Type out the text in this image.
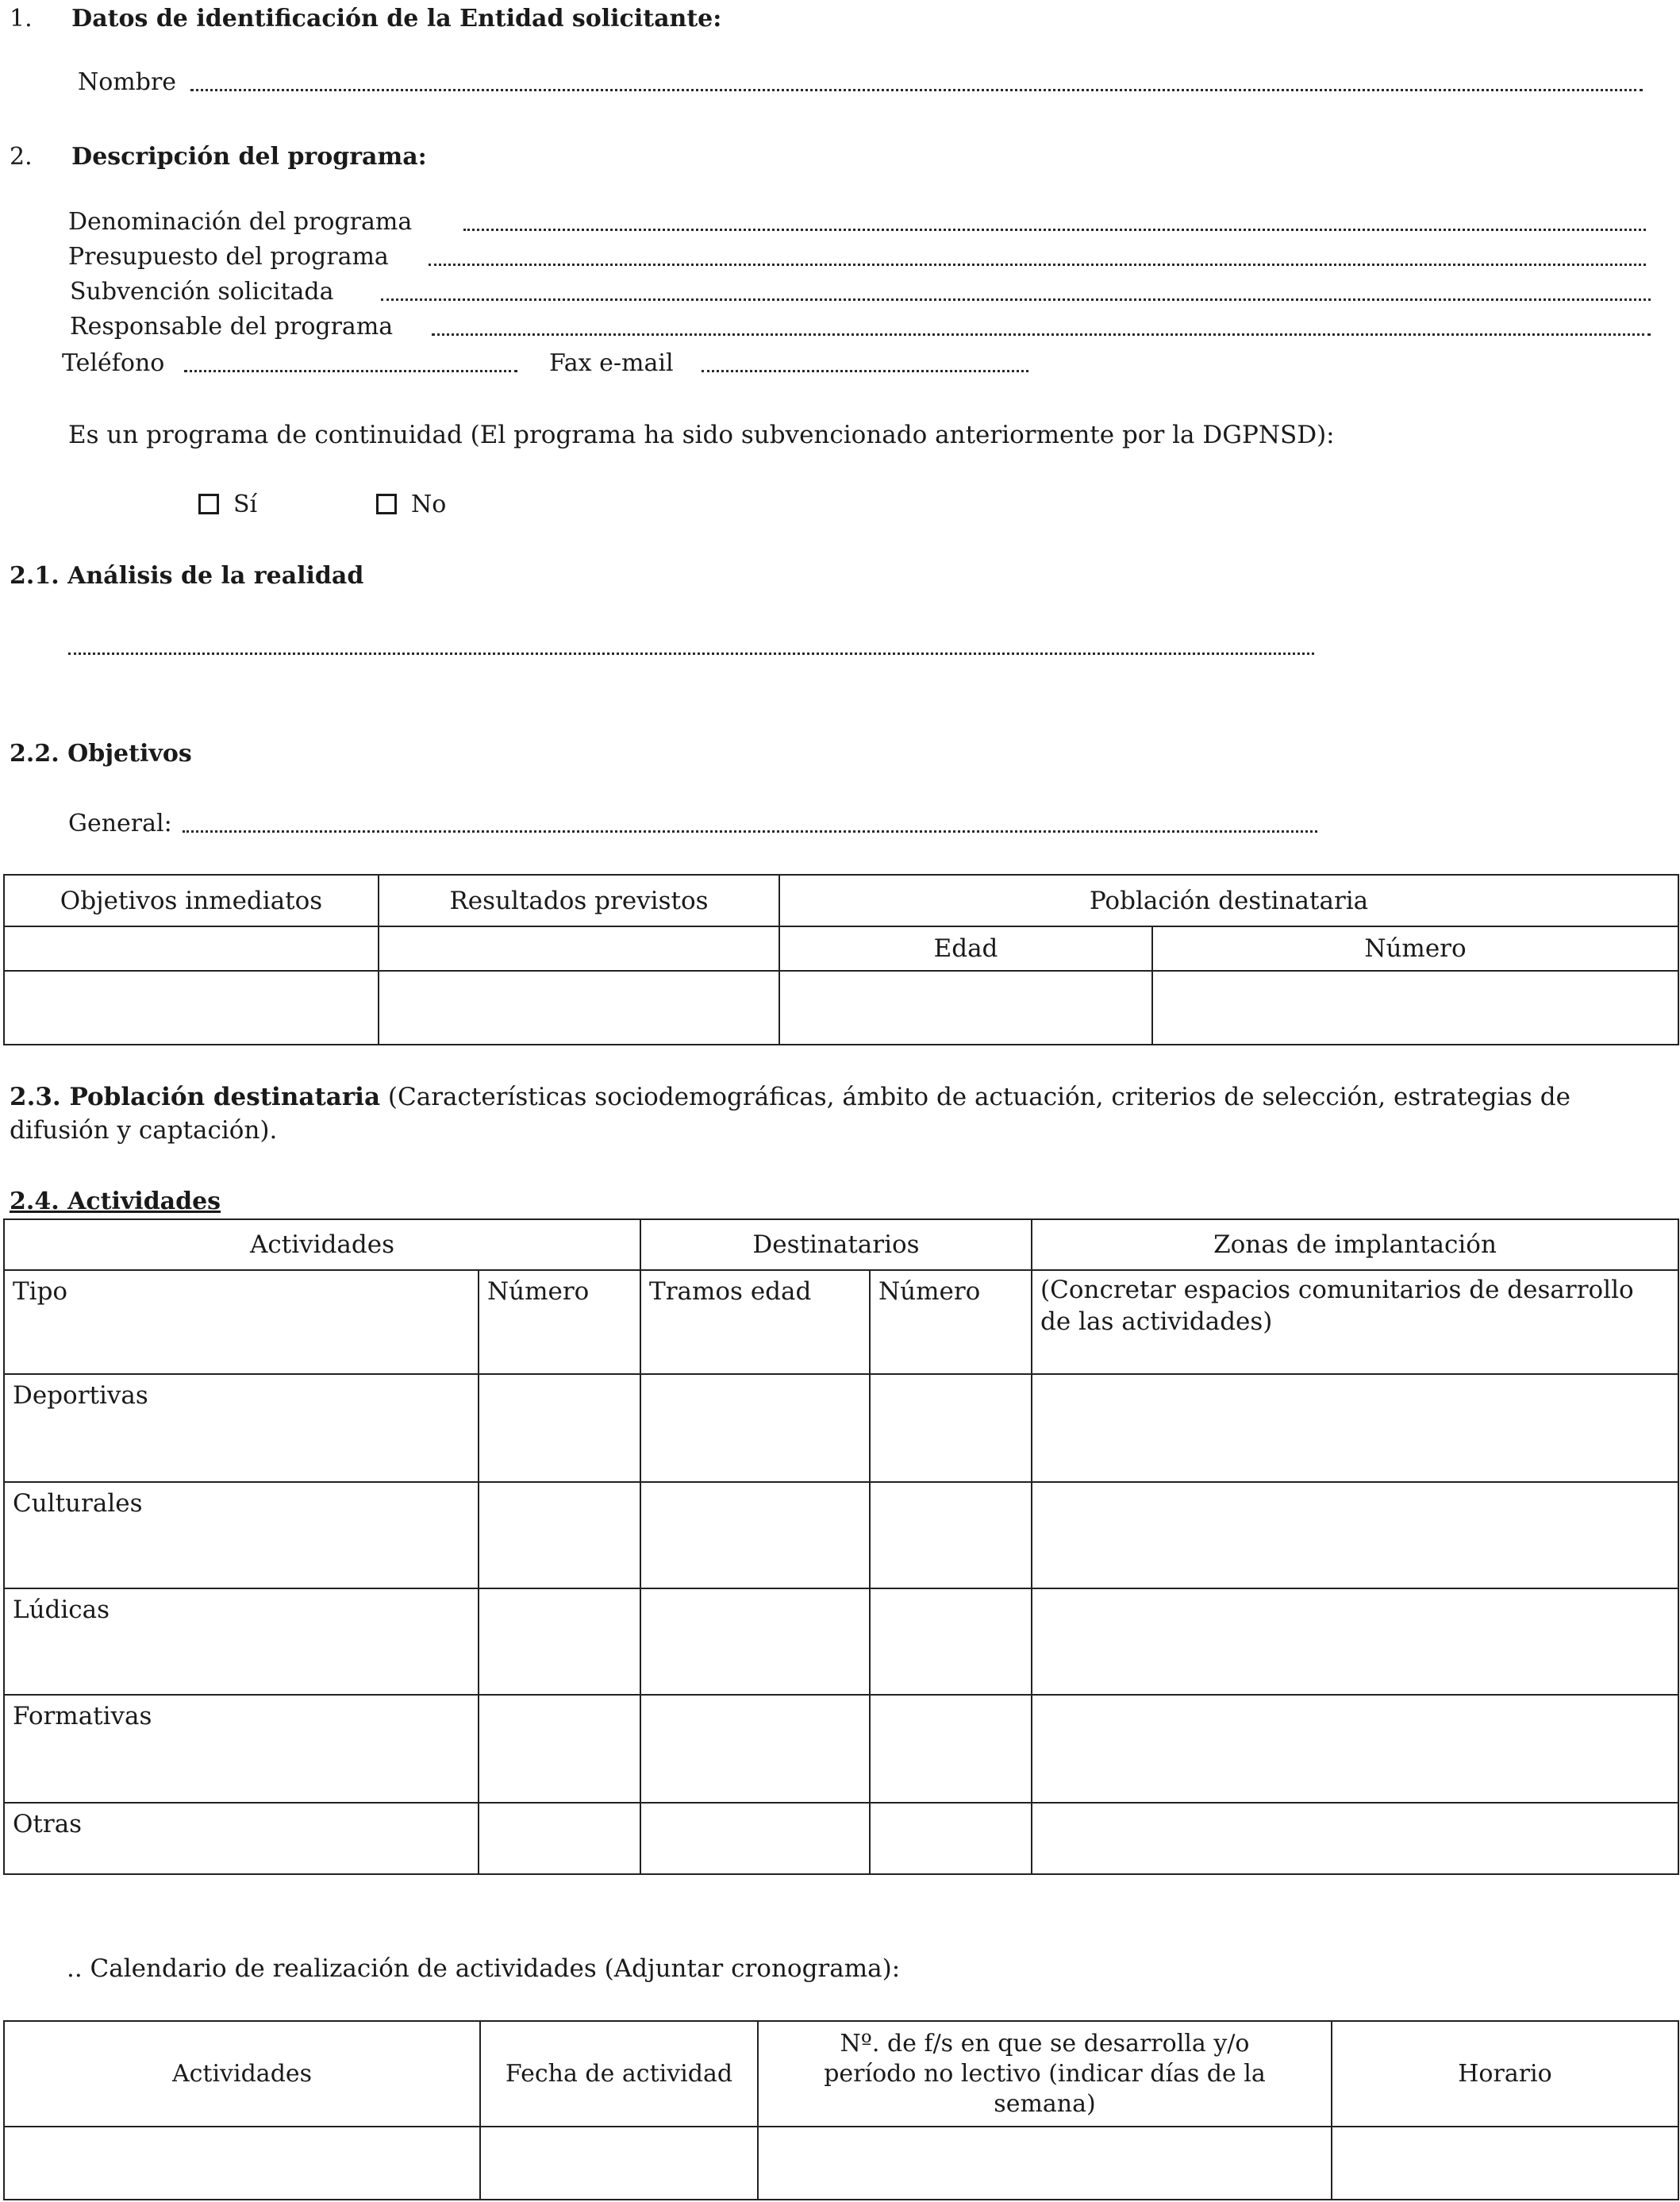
1. Datos de identificación de la Entidad solicitante:
Nombre
2. Descripción del programa:
Denominación del programa
Presupuesto del programa
Subvención solicitada
Responsable del programa
Teléfono	Fax e-mail
Es un programa de continuidad (El programa ha sido subvencionado anteriormente por la DGPNSD):
Sí	No
2.1. Análisis de la realidad
2.2. Objetivos
General:
Objetivos inmediatos	Resultados previstos	Población destinataria	
		Edad	Número

2.3. Población destinataria (Características sociodemográficas, ámbito de actuación, criterios de selección, estrategias de
difusión y captación).
2.4. Actividades
Actividades		Destinatarios		Zonas de implantación
Tipo	Número	Tramos edad	Número	(Concretar espacios comunitarios de desarrollo de las actividades)
Deportivas				
Culturales				
Lúdicas				
Formativas				
Otras				
.. Calendario de realización de actividades (Adjuntar cronograma):
Actividades	Fecha de actividad	Nº. de f/s en que se desarrolla y/o período no lectivo (indicar días de la semana)	Horario
